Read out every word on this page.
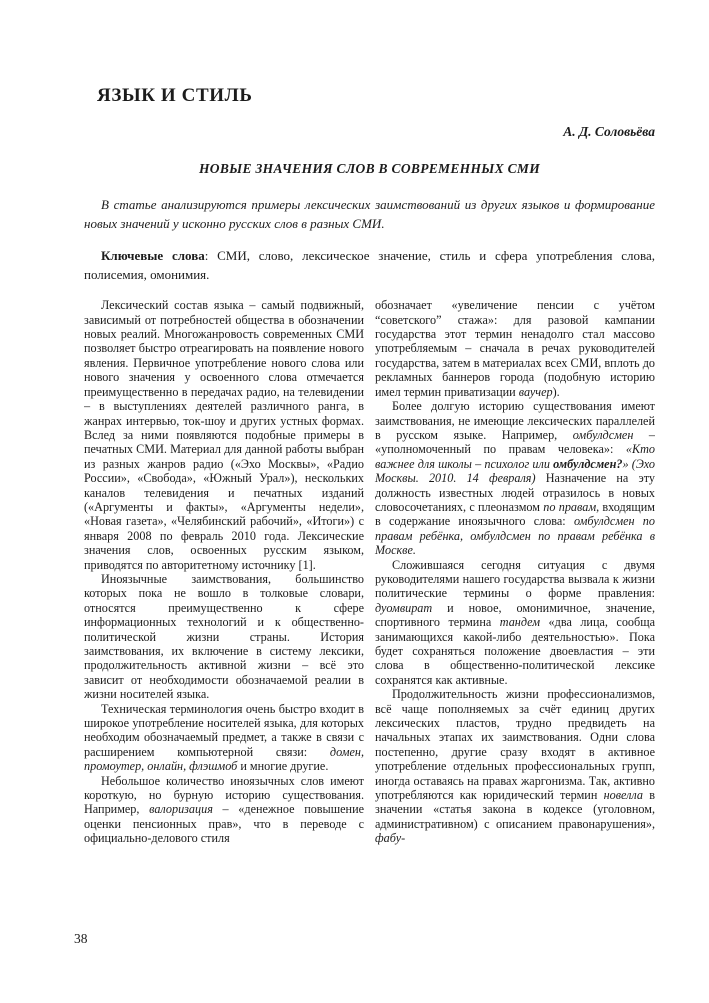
ЯЗЫК И СТИЛЬ
А. Д. Соловьёва
НОВЫЕ ЗНАЧЕНИЯ СЛОВ В СОВРЕМЕННЫХ СМИ

В статье анализируются примеры лексических заимствований из других языков и формирование новых значений у исконно русских слов в разных СМИ.

Ключевые слова: СМИ, слово, лексическое значение, стиль и сфера употребления слова, полисемия, омонимия.

Лексический состав языка – самый подвижный, зависимый от потребностей общества в обозначении новых реалий. Многожанровость современных СМИ позволяет быстро отреагировать на появление нового явления. Первичное употребление нового слова или нового значения у освоенного слова отмечается преимущественно в передачах радио, на телевидении – в выступлениях деятелей различного ранга, в жанрах интервью, ток-шоу и других устных формах. Вслед за ними появляются подобные примеры в печатных СМИ. Материал для данной работы выбран из разных жанров радио («Эхо Москвы», «Радио России», «Свобода», «Южный Урал»), нескольких каналов телевидения и печатных изданий («Аргументы и факты», «Аргументы недели», «Новая газета», «Челябинский рабочий», «Итоги») с января 2008 по февраль 2010 года. Лексические значения слов, освоенных русским языком, приводятся по авторитетному источнику [1].

Иноязычные заимствования, большинство которых пока не вошло в толковые словари, относятся преимущественно к сфере информационных технологий и к общественно-политической жизни страны. История заимствования, их включение в систему лексики, продолжительность активной жизни – всё это зависит от необходимости обозначаемой реалии в жизни носителей языка.

Техническая терминология очень быстро входит в широкое употребление носителей языка, для которых необходим обозначаемый предмет, а также в связи с расширением компьютерной связи: домен, промоутер, онлайн, флэшмоб и многие другие.

Небольшое количество иноязычных слов имеют короткую, но бурную историю существования. Например, валоризация – «денежное повышение оценки пенсионных прав», что в переводе с официально-делового стиля

обозначает «увеличение пенсии с учётом “советского” стажа»: для разовой кампании государства этот термин ненадолго стал массово употребляемым – сначала в речах руководителей государства, затем в материалах всех СМИ, вплоть до рекламных баннеров города (подобную историю имел термин приватизации ваучер).

Более долгую историю существования имеют заимствования, не имеющие лексических параллелей в русском языке. Например, омбулдсмен – «уполномоченный по правам человека»: «Кто важнее для школы – психолог или омбулдсмен?» (Эхо Москвы. 2010. 14 февраля) Назначение на эту должность известных людей отразилось в новых словосочетаниях, с плеоназмом по правам, входящим в содержание иноязычного слова: омбулдсмен по правам ребёнка, омбулдсмен по правам ребёнка в Москве.

Сложившаяся сегодня ситуация с двумя руководителями нашего государства вызвала к жизни политические термины о форме правления: дуомвират и новое, омонимичное, значение, спортивного термина тандем «два лица, сообща занимающихся какой-либо деятельностью». Пока будет сохраняться положение двоевластия – эти слова в общественно-политической лексике сохранятся как активные.

Продолжительность жизни профессионализмов, всё чаще пополняемых за счёт единиц других лексических пластов, трудно предвидеть на начальных этапах их заимствования. Одни слова постепенно, другие сразу входят в активное употребление отдельных профессиональных групп, иногда оставаясь на правах жаргонизма. Так, активно употребляются как юридический термин новелла в значении «статья закона в кодексе (уголовном, административном) с описанием правонарушения», фабу-

38
